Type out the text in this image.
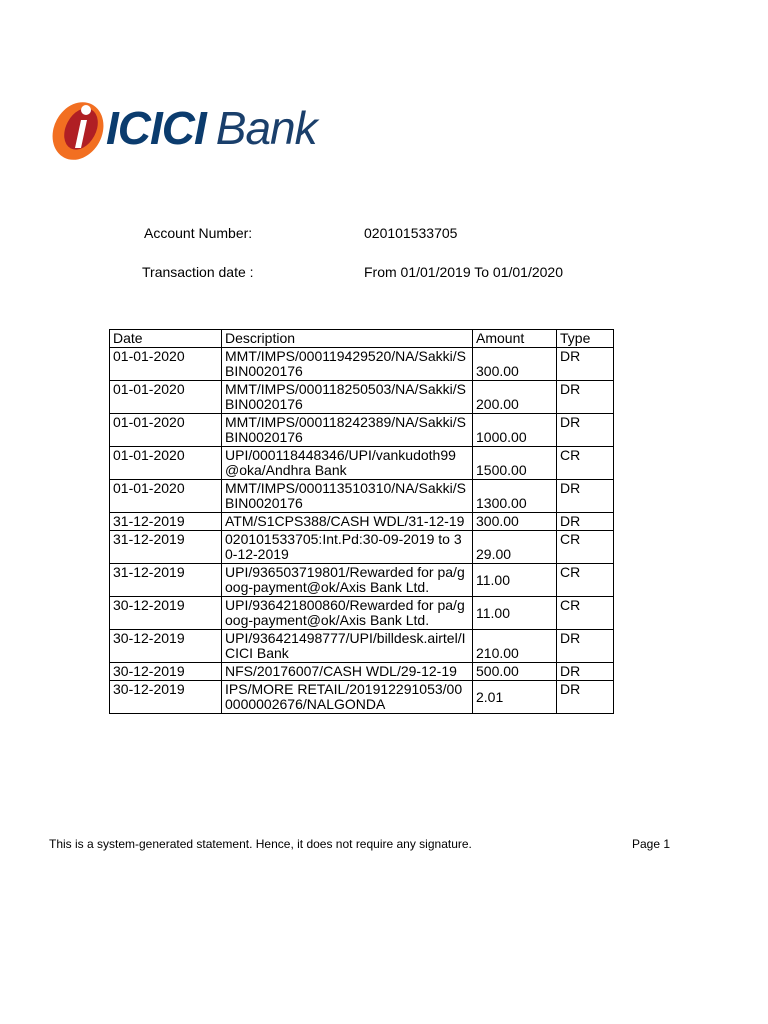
ICICI Bank
Account Number:	020101533705
Transaction date :	From 01/01/2019 To 01/01/2020
Date	Description	Amount	Type
01-01-2020	MMT/IMPS/000119429520/NA/Sakki/SBIN0020176	300.00	DR
01-01-2020	MMT/IMPS/000118250503/NA/Sakki/SBIN0020176	200.00	DR
01-01-2020	MMT/IMPS/000118242389/NA/Sakki/SBIN0020176	1000.00	DR
01-01-2020	UPI/000118448346/UPI/vankudoth99@oka/Andhra Bank	1500.00	CR
01-01-2020	MMT/IMPS/000113510310/NA/Sakki/SBIN0020176	1300.00	DR
31-12-2019	ATM/S1CPS388/CASH WDL/31-12-19	300.00	DR
31-12-2019	020101533705:Int.Pd:30-09-2019 to 30-12-2019	29.00	CR
31-12-2019	UPI/936503719801/Rewarded for pa/goog-payment@ok/Axis Bank Ltd.	11.00	CR
30-12-2019	UPI/936421800860/Rewarded for pa/goog-payment@ok/Axis Bank Ltd.	11.00	CR
30-12-2019	UPI/936421498777/UPI/billdesk.airtel/ICICI Bank	210.00	DR
30-12-2019	NFS/20176007/CASH WDL/29-12-19	500.00	DR
30-12-2019	IPS/MORE RETAIL/201912291053/000000002676/NALGONDA	2.01	DR
This is a system-generated statement. Hence, it does not require any signature.	Page 1
